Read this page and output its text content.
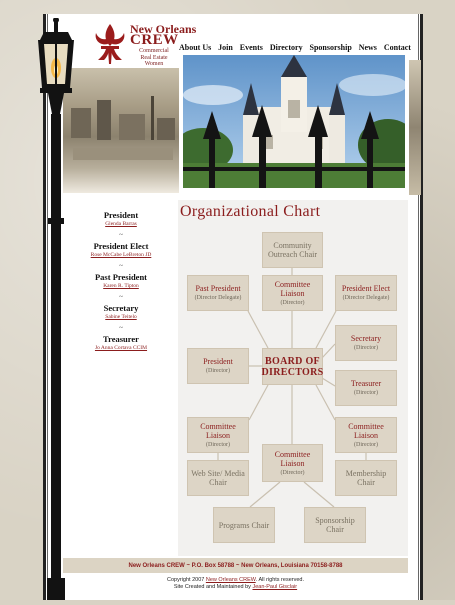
New Orleans
CREW
Commercial Real Estate Women
About Us Join Events Directory Sponsorship News Contact
President
Glenda Barras
~
President Elect
Rose McCabe LeBreton JD
~
Past President
Karen R. Tipton
~
Secretary
Sabine Teitelo
~
Treasurer
Jo Anna Cortava CCIM
Organizational Chart
Community Outreach Chair
Past President
(Director Delegate)
Committee Liaison
(Director)
President Elect
(Director Delegate)
President
(Director)
BOARD OF DIRECTORS
Secretary
(Director)
Treasurer
(Director)
Committee Liaison
(Director)
Committee Liaison
(Director)
Committee Liaison
(Director)
Web Site/ Media Chair
Membership Chair
Programs Chair	Sponsorship Chair
New Orleans CREW ~ P.O. Box 58788 ~ New Orleans, Louisiana 70158-8788
Copyright 2007 New Orleans CREW. All rights reserved.
Site Created and Maintained by Jean-Paul Gisclair
